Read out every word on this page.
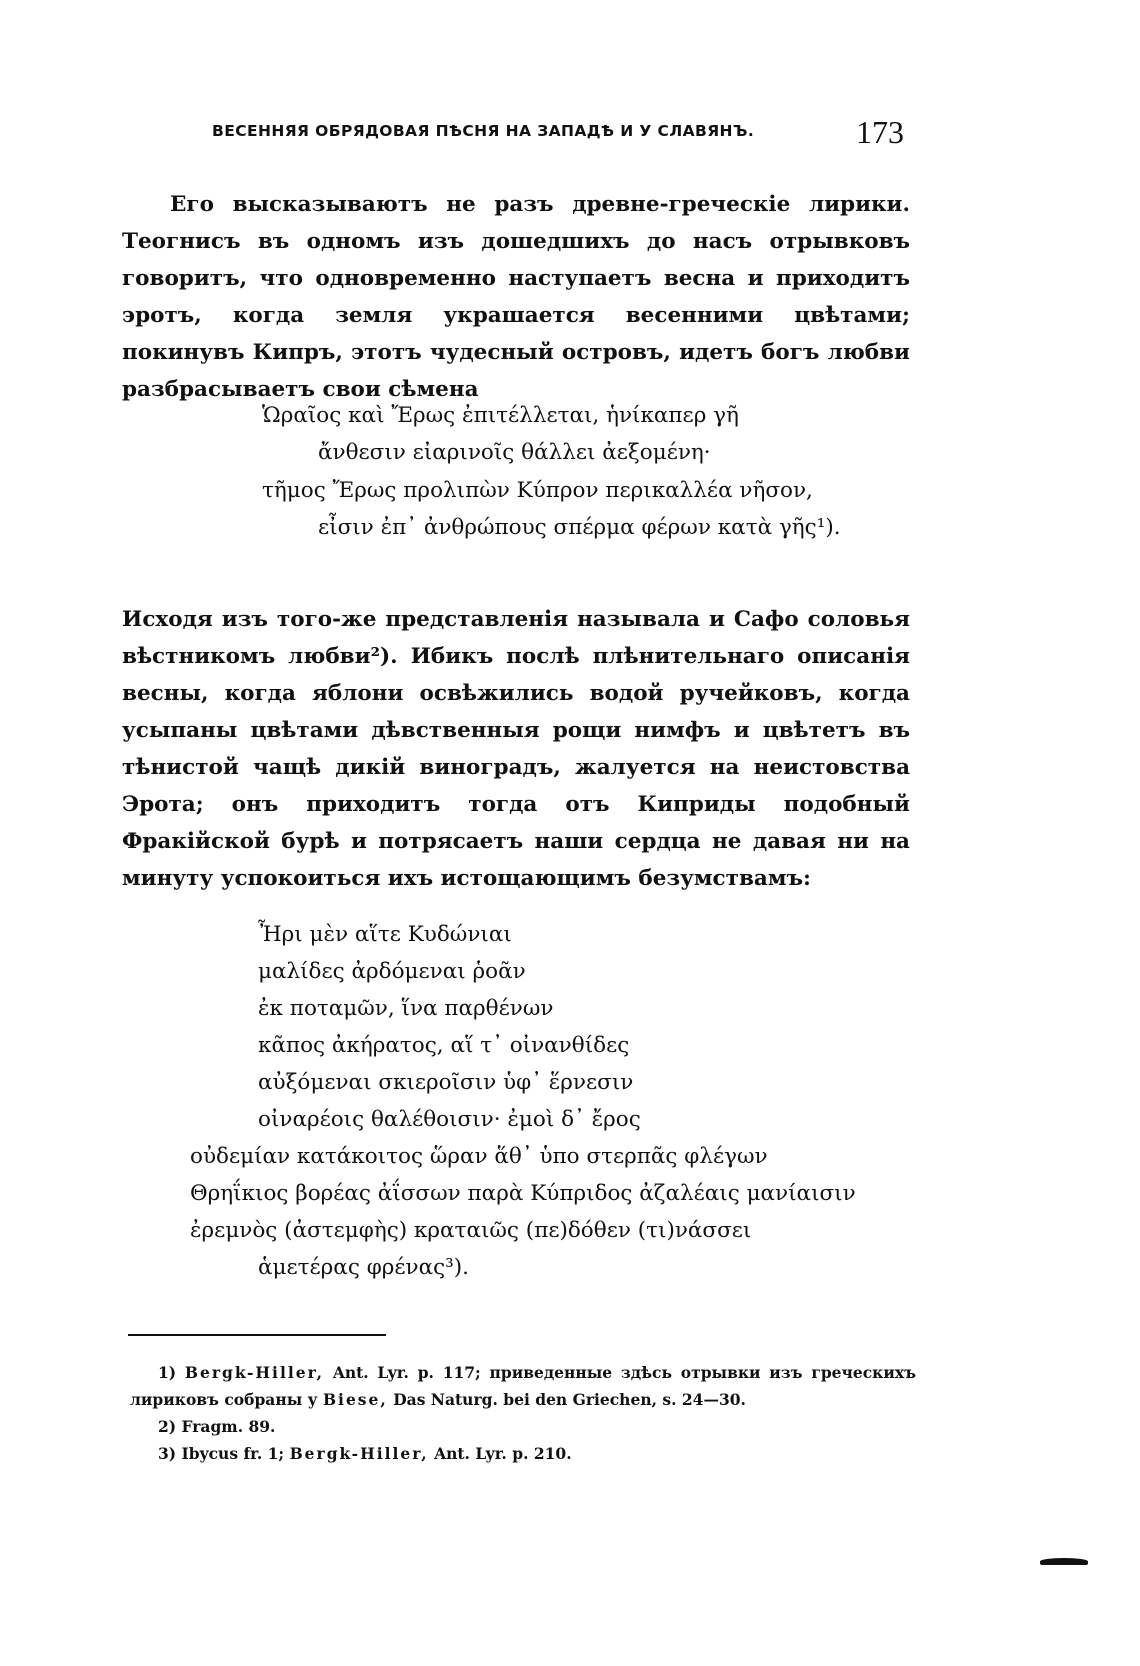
ВЕСЕННЯЯ ОБРЯДОВАЯ ПѢСНЯ НА ЗАПАДѢ И У СЛАВЯНЪ.	173

Его высказываютъ не разъ древне-греческіе лирики. Теогнисъ въ одномъ изъ дошедшихъ до насъ отрывковъ говоритъ, что одновременно наступаетъ весна и приходитъ эротъ, когда земля украшается весенними цвѣтами; покинувъ Кипръ, этотъ чудесный островъ, идетъ богъ любви разбрасываетъ свои сѣмена

Ὡραῖος καὶ Ἔρως ἐπιτέλλεται, ἡνίκαπερ γῆ
ἄνθεσιν εἰαρινοῖς θάλλει ἀεξομένη·
τῆμος Ἔρως προλιπὼν Κύπρον περικαλλέα νῆσον,
εἶσιν ἐπ᾽ ἀνθρώπους σπέρμα φέρων κατὰ γῆς¹).

Исходя изъ того-же представленія называла и Сафо соловья вѣстникомъ любви²). Ибикъ послѣ плѣнительнаго описанія весны, когда яблони освѣжились водой ручейковъ, когда усыпаны цвѣтами дѣвственныя рощи нимфъ и цвѣтетъ въ тѣнистой чащѣ дикій виноградъ, жалуется на неистовства Эрота; онъ приходитъ тогда отъ Киприды подобный Фракійской бурѣ и потрясаетъ наши сердца не давая ни на минуту успокоиться ихъ истощающимъ безумствамъ:

Ἦρι μὲν αἵτε Κυδώνιαι
μαλίδες ἀρδόμεναι ῥοᾶν
ἐκ ποταμῶν, ἵνα παρθένων
κᾶπος ἀκήρατος, αἵ τ᾽ οἰνανθίδες
αὐξόμεναι σκιεροῖσιν ὑφ᾽ ἕρνεσιν
οἰναρέοις θαλέθοισιν· ἐμοὶ δ᾽ ἔρος
οὐδεμίαν κατάκοιτος ὥραν ἅθ᾽ ὑπο στερπᾶς φλέγων
Θρηΐκιος βορέας ἀΐσσων παρὰ Κύπριδος ἀζαλέαις μανίαισιν
ἐρεμνὸς (ἀστεμφὴς) κραταιῶς (πε)δόθεν (τι)νάσσει
ἁμετέρας φρένας³).

1) Bergk-Hiller, Ant. Lyr. p. 117; приведенные здѣсь отрывки изъ греческихъ лириковъ собраны у Biese, Das Naturg. bei den Griechen, s. 24—30.

2) Fragm. 89.

3) Ibycus fr. 1; Bergk-Hiller, Ant. Lyr. p. 210.
